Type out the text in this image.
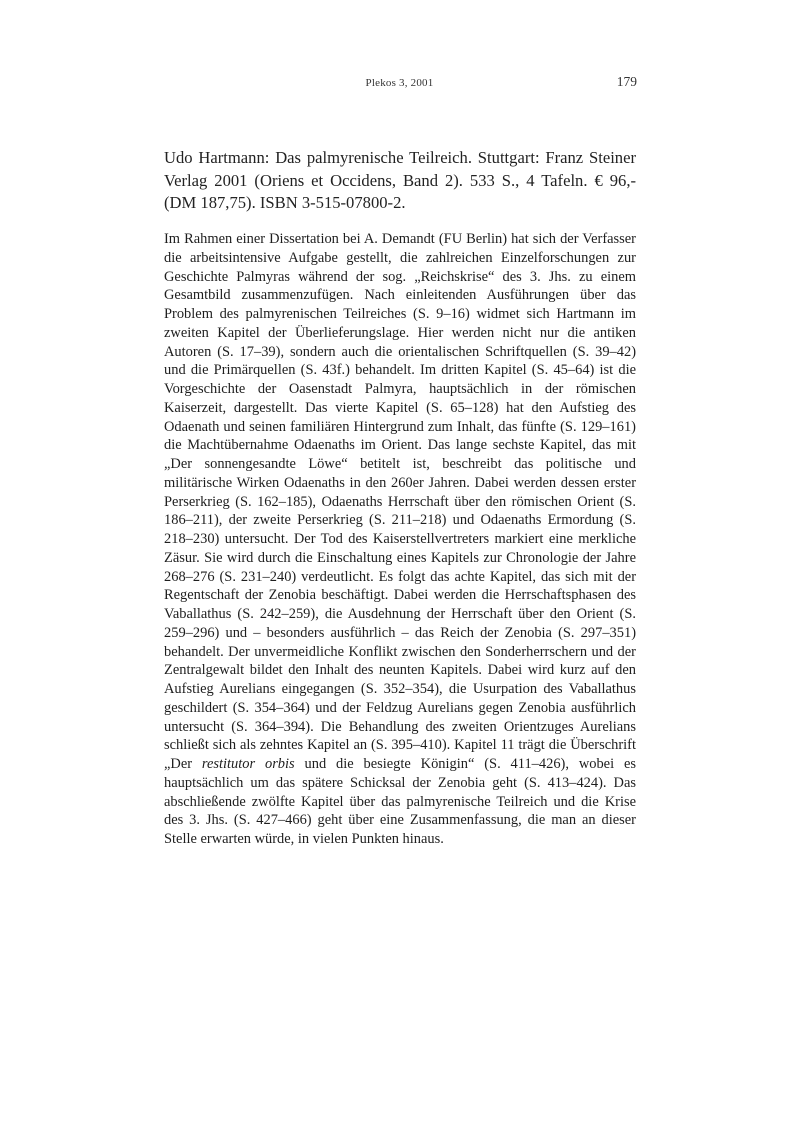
Plekos 3, 2001	179

Udo Hartmann: Das palmyrenische Teilreich. Stuttgart: Franz Steiner Verlag 2001 (Oriens et Occidens, Band 2). 533 S., 4 Tafeln. € 96,- (DM 187,75). ISBN 3-515-07800-2.

Im Rahmen einer Dissertation bei A. Demandt (FU Berlin) hat sich der Verfasser die arbeitsintensive Aufgabe gestellt, die zahlreichen Einzelforschungen zur Geschichte Palmyras während der sog. „Reichskrise“ des 3. Jhs. zu einem Gesamtbild zusammenzufügen. Nach einleitenden Ausführungen über das Problem des palmyrenischen Teilreiches (S. 9–16) widmet sich Hartmann im zweiten Kapitel der Überlieferungslage. Hier werden nicht nur die antiken Autoren (S. 17–39), sondern auch die orientalischen Schriftquellen (S. 39–42) und die Primärquellen (S. 43f.) behandelt. Im dritten Kapitel (S. 45–64) ist die Vorgeschichte der Oasenstadt Palmyra, hauptsächlich in der römischen Kaiserzeit, dargestellt. Das vierte Kapitel (S. 65–128) hat den Aufstieg des Odaenath und seinen familiären Hintergrund zum Inhalt, das fünfte (S. 129–161) die Machtübernahme Odaenaths im Orient. Das lange sechste Kapitel, das mit „Der sonnengesandte Löwe“ betitelt ist, beschreibt das politische und militärische Wirken Odaenaths in den 260er Jahren. Dabei werden dessen erster Perserkrieg (S. 162–185), Odaenaths Herrschaft über den römischen Orient (S. 186–211), der zweite Perserkrieg (S. 211–218) und Odaenaths Ermordung (S. 218–230) untersucht. Der Tod des Kaiserstellvertreters markiert eine merkliche Zäsur. Sie wird durch die Einschaltung eines Kapitels zur Chronologie der Jahre 268–276 (S. 231–240) verdeutlicht. Es folgt das achte Kapitel, das sich mit der Regentschaft der Zenobia beschäftigt. Dabei werden die Herrschaftsphasen des Vaballathus (S. 242–259), die Ausdehnung der Herrschaft über den Orient (S. 259–296) und – besonders ausführlich – das Reich der Zenobia (S. 297–351) behandelt. Der unvermeidliche Konflikt zwischen den Sonderherrschern und der Zentralgewalt bildet den Inhalt des neunten Kapitels. Dabei wird kurz auf den Aufstieg Aurelians eingegangen (S. 352–354), die Usurpation des Vaballathus geschildert (S. 354–364) und der Feldzug Aurelians gegen Zenobia ausführlich untersucht (S. 364–394). Die Behandlung des zweiten Orientzuges Aurelians schließt sich als zehntes Kapitel an (S. 395–410). Kapitel 11 trägt die Überschrift „Der restitutor orbis und die besiegte Königin“ (S. 411–426), wobei es hauptsächlich um das spätere Schicksal der Zenobia geht (S. 413–424). Das abschließende zwölfte Kapitel über das palmyrenische Teilreich und die Krise des 3. Jhs. (S. 427–466) geht über eine Zusammenfassung, die man an dieser Stelle erwarten würde, in vielen Punkten hinaus.
